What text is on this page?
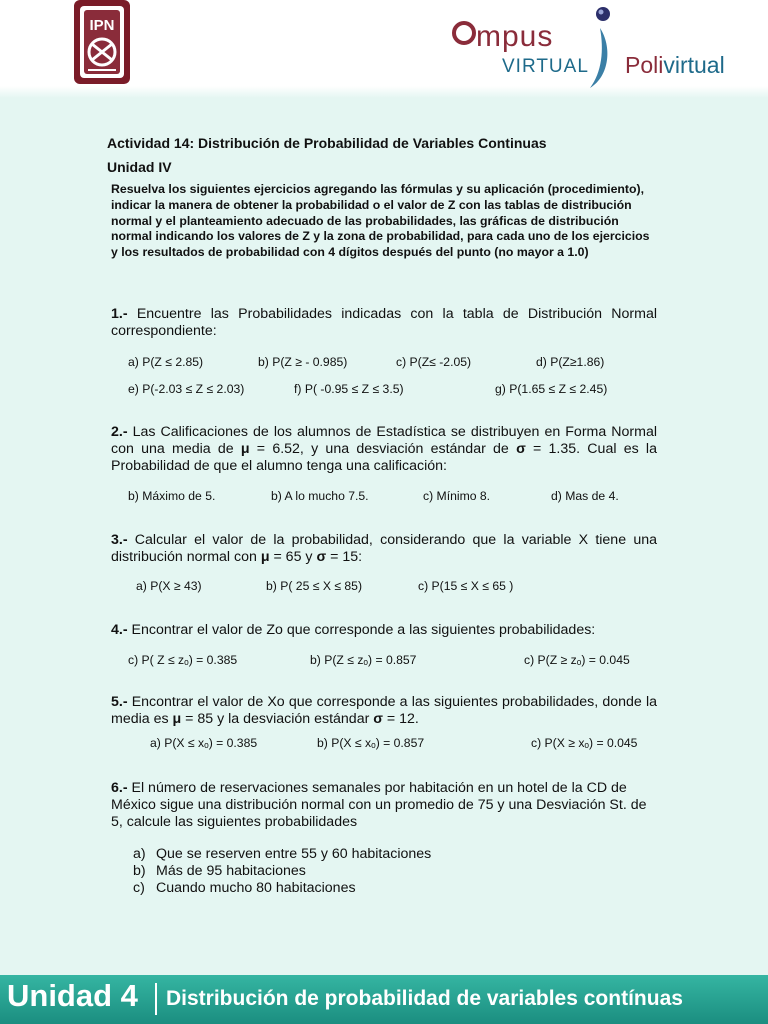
IPN	mpus
VIRTUAL Polivirtual
Actividad 14: Distribución de Probabilidad de Variables Continuas
Unidad IV
Resuelva los siguientes ejercicios agregando las fórmulas y su aplicación (procedimiento), indicar la manera de obtener la probabilidad o el valor de Z con las tablas de distribución normal y el planteamiento adecuado de las probabilidades, las gráficas de distribución normal indicando los valores de Z y la zona de probabilidad, para cada uno de los ejercicios y los resultados de probabilidad con 4 dígitos después del punto (no mayor a 1.0)
1.- Encuentre las Probabilidades indicadas con la tabla de Distribución Normal correspondiente:
a) P(Z ≤ 2.85)	b) P(Z ≥ - 0.985)	c) P(Z≤ -2.05)	d) P(Z≥1.86)
e) P(-2.03 ≤ Z ≤ 2.03)	f) P( -0.95 ≤ Z ≤ 3.5)	g) P(1.65 ≤ Z ≤ 2.45)
2.- Las Calificaciones de los alumnos de Estadística se distribuyen en Forma Normal con una media de μ = 6.52, y una desviación estándar de σ = 1.35. Cual es la Probabilidad de que el alumno tenga una calificación:
b) Máximo de 5.	b) A lo mucho 7.5.	c) Mínimo 8.	d) Mas de 4.
3.- Calcular el valor de la probabilidad, considerando que la variable X tiene una distribución normal con μ = 65 y σ = 15:
a) P(X ≥ 43)	b) P( 25 ≤ X ≤ 85)	c) P(15 ≤ X ≤ 65 )
4.- Encontrar el valor de Zo que corresponde a las siguientes probabilidades:
c) P( Z ≤ zₒ) = 0.385	b) P(Z ≤ zₒ) = 0.857	c) P(Z ≥ zₒ) = 0.045
5.- Encontrar el valor de Xo que corresponde a las siguientes probabilidades, donde la media es μ = 85 y la desviación estándar σ = 12.
a) P(X ≤ xₒ) = 0.385	b) P(X ≤ xₒ) = 0.857	c) P(X ≥ xₒ) = 0.045
6.- El número de reservaciones semanales por habitación en un hotel de la CD de México sigue una distribución normal con un promedio de 75 y una Desviación St. de 5, calcule las siguientes probabilidades
a) Que se reserven entre 55 y 60 habitaciones
b) Más de 95 habitaciones
c) Cuando mucho 80 habitaciones
Unidad 4 Distribución de probabilidad de variables contínuas
